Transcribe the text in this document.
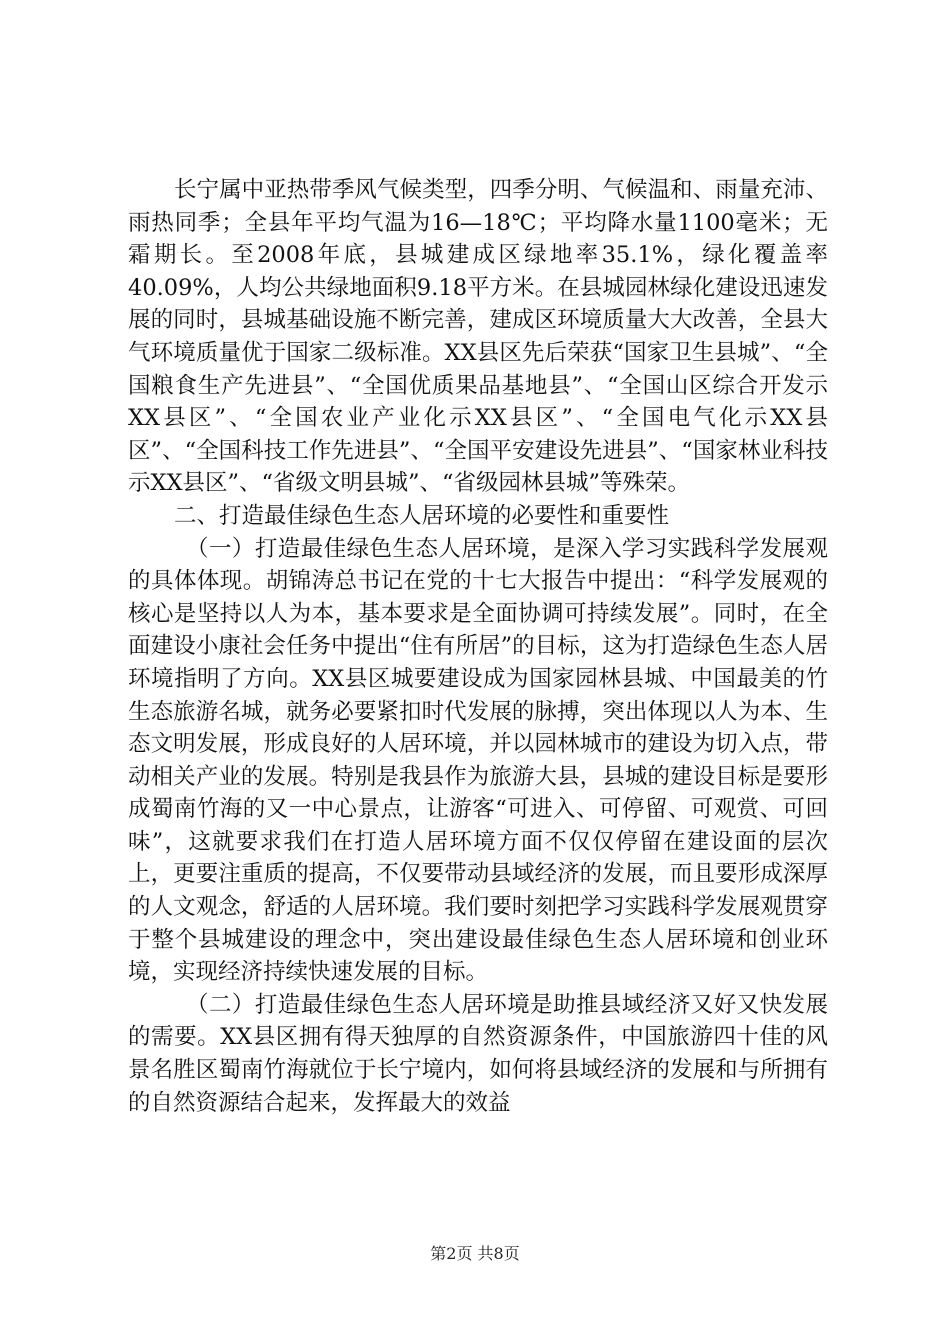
长宁属中亚热带季风气候类型，四季分明、气候温和、雨量充沛、雨热同季；全县年平均气温为16—18℃；平均降水量1100毫米；无霜期长。至2008年底，县城建成区绿地率35.1%，绿化覆盖率40.09%，人均公共绿地面积9.18平方米。在县城园林绿化建设迅速发展的同时，县城基础设施不断完善，建成区环境质量大大改善，全县大气环境质量优于国家二级标准。XX县区先后荣获“国家卫生县城”、“全国粮食生产先进县”、“全国优质果品基地县”、“全国山区综合开发示XX县区”、“全国农业产业化示XX县区”、“全国电气化示XX县区”、“全国科技工作先进县”、“全国平安建设先进县”、“国家林业科技示XX县区”、“省级文明县城”、“省级园林县城”等殊荣。

二、打造最佳绿色生态人居环境的必要性和重要性

（一）打造最佳绿色生态人居环境，是深入学习实践科学发展观的具体体现。胡锦涛总书记在党的十七大报告中提出：“科学发展观的核心是坚持以人为本，基本要求是全面协调可持续发展”。同时，在全面建设小康社会任务中提出“住有所居”的目标，这为打造绿色生态人居环境指明了方向。XX县区城要建设成为国家园林县城、中国最美的竹生态旅游名城，就务必要紧扣时代发展的脉搏，突出体现以人为本、生态文明发展，形成良好的人居环境，并以园林城市的建设为切入点，带动相关产业的发展。特别是我县作为旅游大县，县城的建设目标是要形成蜀南竹海的又一中心景点，让游客“可进入、可停留、可观赏、可回味”，这就要求我们在打造人居环境方面不仅仅停留在建设面的层次上，更要注重质的提高，不仅要带动县域经济的发展，而且要形成深厚的人文观念，舒适的人居环境。我们要时刻把学习实践科学发展观贯穿于整个县城建设的理念中，突出建设最佳绿色生态人居环境和创业环境，实现经济持续快速发展的目标。

（二）打造最佳绿色生态人居环境是助推县域经济又好又快发展的需要。XX县区拥有得天独厚的自然资源条件，中国旅游四十佳的风景名胜区蜀南竹海就位于长宁境内，如何将县域经济的发展和与所拥有的自然资源结合起来，发挥最大的效益

第2页 共8页
